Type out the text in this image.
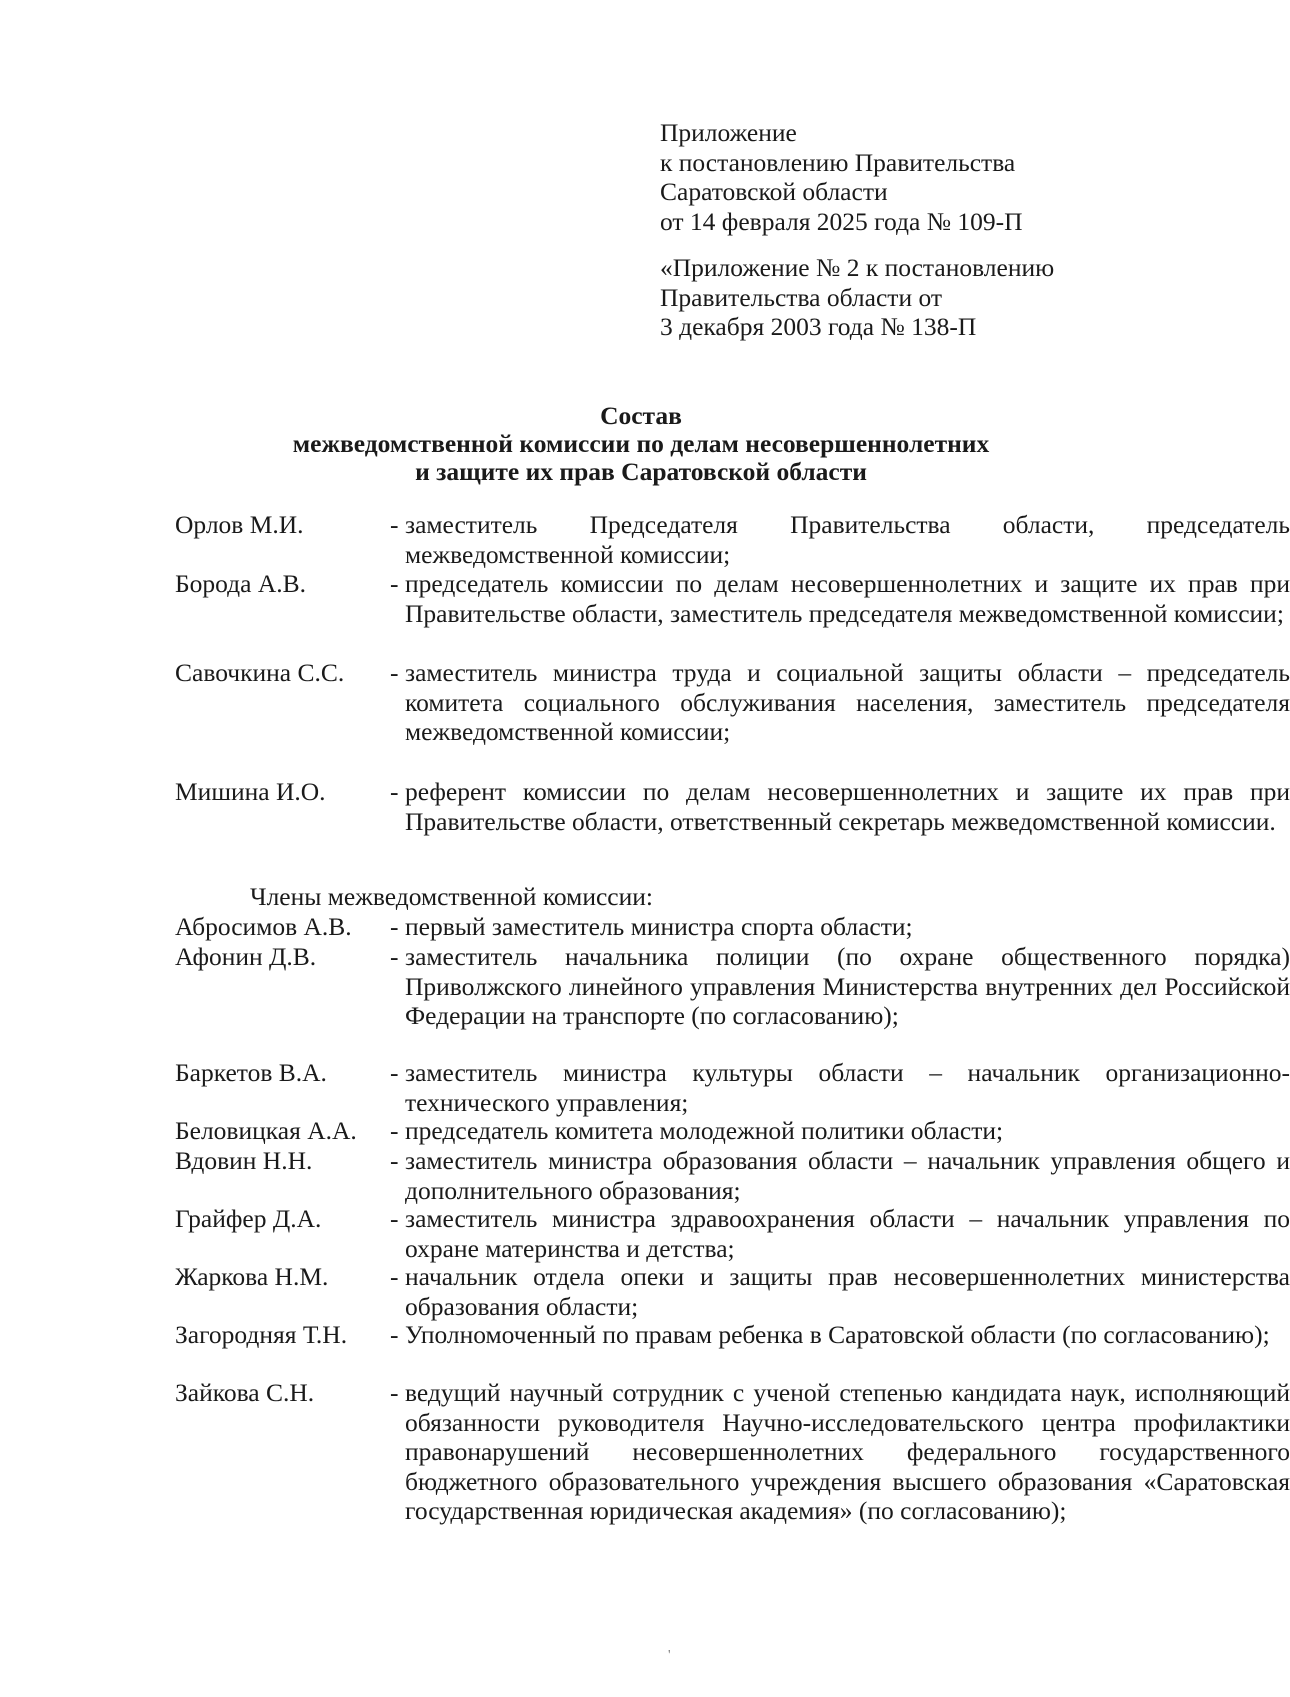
Приложение
к постановлению Правительства
Саратовской области
от 14 февраля 2025 года № 109-П
«Приложение № 2 к постановлению
Правительства области от
3 декабря 2003 года № 138-П
Состав
межведомственной комиссии по делам несовершеннолетних
и защите их прав Саратовской области
Орлов М.И.	- заместитель Председателя Правительства области, председатель межведомственной комиссии;
Борода А.В.	- председатель комиссии по делам несовершеннолетних и защите их прав при Правительстве области, заместитель председателя межведомственной комиссии;
Савочкина С.С. - заместитель министра труда и социальной защиты области – председатель комитета социального обслуживания населения, заместитель председателя межведомственной комиссии;
Мишина И.О.	- референт комиссии по делам несовершеннолетних и защите их прав при Правительстве области, ответственный секретарь межведомственной комиссии.
Члены межведомственной комиссии:
Абросимов А.В. - первый заместитель министра спорта области;
Афонин Д.В.	- заместитель начальника полиции (по охране общественного порядка) Приволжского линейного управления Министерства внутренних дел Российской Федерации на транспорте (по согласованию);
Баркетов В.А. - заместитель министра культуры области – начальник организационно-технического управления;
Беловицкая А.А. - председатель комитета молодежной политики области;
Вдовин Н.Н.	- заместитель министра образования области – начальник управления общего и дополнительного образования;
Грайфер Д.А.	- заместитель министра здравоохранения области – начальник управления по охране материнства и детства;
Жаркова Н.М. - начальник отдела опеки и защиты прав несовершеннолетних министерства образования области;
Загородняя Т.Н. - Уполномоченный по правам ребенка в Саратовской области (по согласованию);
Зайкова С.Н.	- ведущий научный сотрудник с ученой степенью кандидата наук, исполняющий обязанности руководителя Научно-исследовательского центра профилактики правонарушений несовершеннолетних федерального государственного бюджетного образовательного учреждения высшего образования «Саратовская государственная юридическая академия» (по согласованию);
'
